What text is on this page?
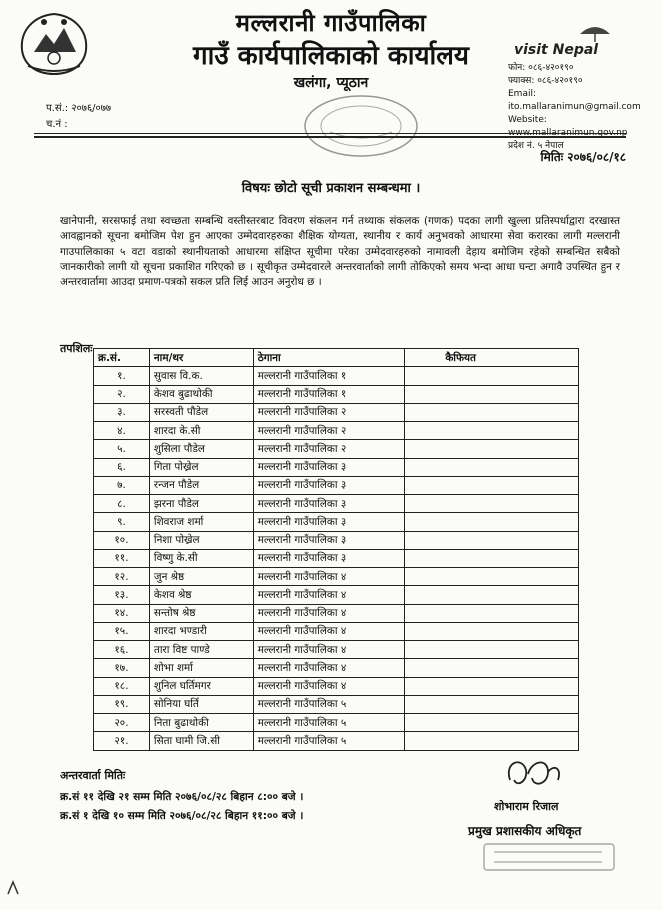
मल्लरानी गाउँपालिका
गाउँ कार्यपालिकाको कार्यालय
खलंगा, प्यूठान
visit Nepal
फोन: ०८६-४२०१९०
फ्याक्स: ०८६-४२०१९०
Email: ito.mallaranimun@gmail.com
Website: www.mallaranimun.gov.np
प्रदेश नं. ५ नेपाल
प.सं.: २०७६/०७७
च.नं :
मितिः २०७६/०८/१८
विषयः छोटो सूची प्रकाशन सम्बन्धमा ।
खानेपानी, सरसफाई तथा स्वच्छता सम्बन्धि वस्तीस्तरबाट विवरण संकलन गर्न तथ्याक संकलक (गणक) पदका लागी खुल्ला प्रतिस्पर्धाद्वारा दरखास्त आवह्वानको सूचना बमोजिम पेश हुन आएका उम्मेदवारहरुका शैक्षिक योग्यता, स्थानीय र कार्य अनुभवको आधारमा सेवा करारका लागी मल्लरानी गाउपालिकाका ५ वटा वडाको स्थानीयताको आधारमा संक्षिप्त सूचीमा परेका उम्मेदवारहरुको नामावली देहाय बमोजिम रहेको सम्बन्धित सबैको जानकारीको लागी यो सूचना प्रकाशित गरिएको छ । सूचीकृत उम्मेदवारले अन्तरवार्ताको लागी तोकिएको समय भन्दा आधा घन्टा अगावै उपस्थित हुन र अन्तरवार्तामा आउदा प्रमाण-पत्रको सकल प्रति लिई आउन अनुरोध छ ।
तपशिलः
क्र.सं.	नाम/थर	ठेगाना	कैफियत
१.	सुवास वि.क.	मल्लरानी गाउँपालिका १	
२.	केशव बुढाथोकी	मल्लरानी गाउँपालिका १	
३.	सरस्वती पौडेल	मल्लरानी गाउँपालिका २	
४.	शारदा के.सी	मल्लरानी गाउँपालिका २	
५.	शुसिला पौडेल	मल्लरानी गाउँपालिका २	
६.	गिता पोख्रेल	मल्लरानी गाउँपालिका ३	
७.	रन्जन पौडेल	मल्लरानी गाउँपालिका ३	
८.	झरना पौडेल	मल्लरानी गाउँपालिका ३	
९.	शिवराज शर्मा	मल्लरानी गाउँपालिका ३	
१०.	निशा पोख्रेल	मल्लरानी गाउँपालिका ३	
११.	विष्णु के.सी	मल्लरानी गाउँपालिका ३	
१२.	जुन श्रेष्ठ	मल्लरानी गाउँपालिका ४	
१३.	केशव श्रेष्ठ	मल्लरानी गाउँपालिका ४	
१४.	सन्तोष श्रेष्ठ	मल्लरानी गाउँपालिका ४	
१५.	शारदा भण्डारी	मल्लरानी गाउँपालिका ४	
१६.	तारा विष्ट पाण्डे	मल्लरानी गाउँपालिका ४	
१७.	शोभा शर्मा	मल्लरानी गाउँपालिका ४	
१८.	शुनिल घर्तिमगर	मल्लरानी गाउँपालिका ४	
१९.	सोनिया घर्ति	मल्लरानी गाउँपालिका ५	
२०.	निता बुढाथोकी	मल्लरानी गाउँपालिका ५	
२१.	सिता घामी जि.सी	मल्लरानी गाउँपालिका ५	
अन्तरवार्ता मितिः
क्र.सं ११ देखि २१ सम्म मिति २०७६/०८/२८ बिहान ८:०० बजे ।
क्र.सं १ देखि १० सम्म मिति २०७६/०८/२८ बिहान ११:०० बजे ।
शोभाराम रिजाल
प्रमुख प्रशासकीय अधिकृत
